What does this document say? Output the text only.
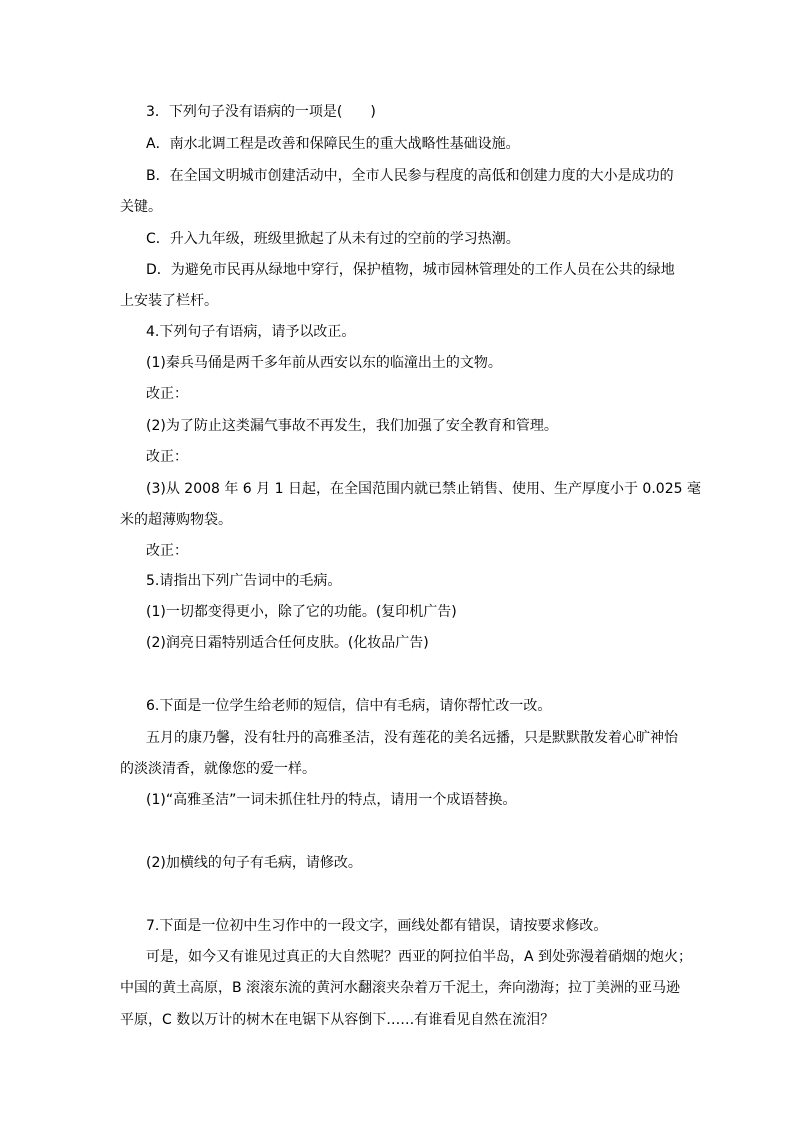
3．下列句子没有语病的一项是( )
A．南水北调工程是改善和保障民生的重大战略性基础设施。
B．在全国文明城市创建活动中，全市人民参与程度的高低和创建力度的大小是成功的
关键。
C．升入九年级，班级里掀起了从未有过的空前的学习热潮。
D．为避免市民再从绿地中穿行，保护植物，城市园林管理处的工作人员在公共的绿地
上安装了栏杆。
4.下列句子有语病，请予以改正。
(1)秦兵马俑是两千多年前从西安以东的临潼出土的文物。
改正：
(2)为了防止这类漏气事故不再发生，我们加强了安全教育和管理。
改正：
(3)从 2008 年 6 月 1 日起，在全国范围内就已禁止销售、使用、生产厚度小于 0.025 毫
米的超薄购物袋。
改正：
5.请指出下列广告词中的毛病。
(1)一切都变得更小，除了它的功能。(复印机广告)
(2)润亮日霜特别适合任何皮肤。(化妆品广告)
6.下面是一位学生给老师的短信，信中有毛病，请你帮忙改一改。
五月的康乃馨，没有牡丹的高雅圣洁，没有莲花的美名远播，只是默默散发着心旷神怡
的淡淡清香，就像您的爱一样。
(1)“高雅圣洁”一词未抓住牡丹的特点，请用一个成语替换。
(2)加横线的句子有毛病，请修改。
7.下面是一位初中生习作中的一段文字，画线处都有错误，请按要求修改。
可是，如今又有谁见过真正的大自然呢？西亚的阿拉伯半岛，A 到处弥漫着硝烟的炮火；
中国的黄土高原，B 滚滚东流的黄河水翻滚夹杂着万千泥土，奔向渤海；拉丁美洲的亚马逊
平原，C 数以万计的树木在电锯下从容倒下……有谁看见自然在流泪？
